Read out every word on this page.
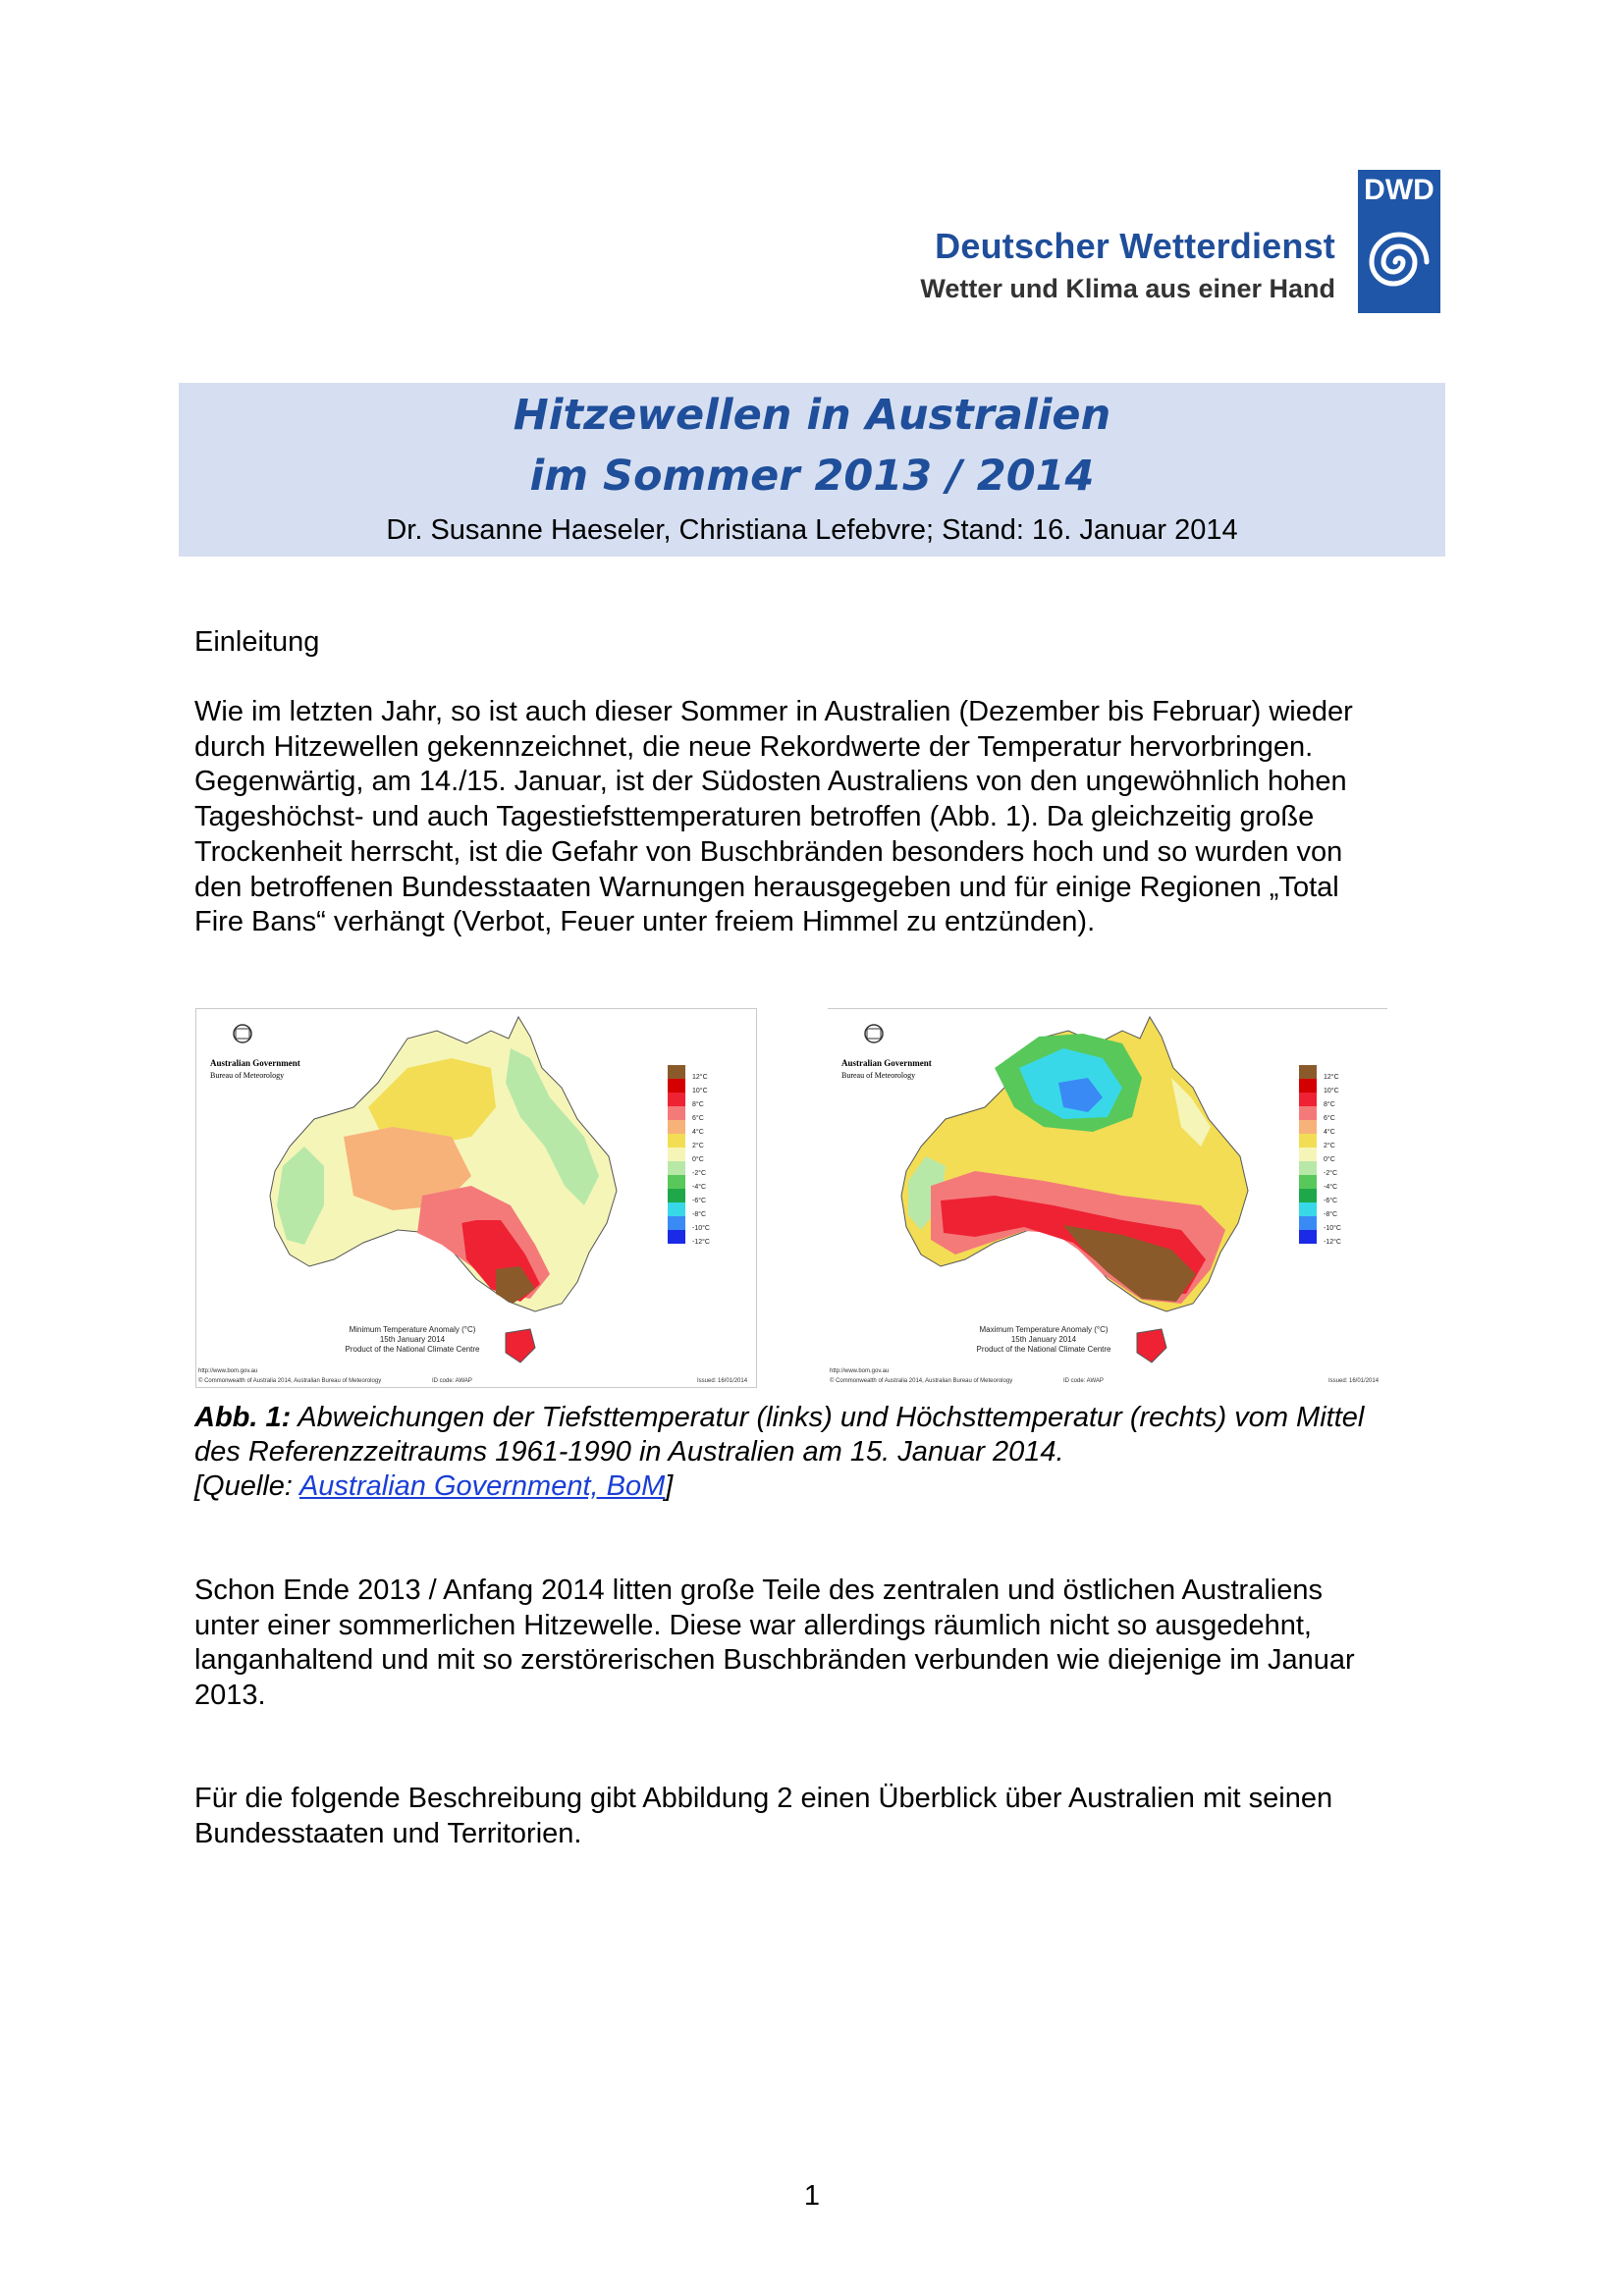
Deutscher Wetterdienst
Wetter und Klima aus einer Hand
DWD
Hitzewellen in Australien
im Sommer 2013 / 2014
Dr. Susanne Haeseler, Christiana Lefebvre; Stand: 16. Januar 2014
Einleitung
Wie im letzten Jahr, so ist auch dieser Sommer in Australien (Dezember bis Februar) wieder
durch Hitzewellen gekennzeichnet, die neue Rekordwerte der Temperatur hervorbringen.
Gegenwärtig, am 14./15. Januar, ist der Südosten Australiens von den ungewöhnlich hohen
Tageshöchst- und auch Tagestiefsttemperaturen betroffen (Abb. 1). Da gleichzeitig große
Trockenheit herrscht, ist die Gefahr von Buschbränden besonders hoch und so wurden von
den betroffenen Bundesstaaten Warnungen herausgegeben und für einige Regionen „Total
Fire Bans“ verhängt (Verbot, Feuer unter freiem Himmel zu entzünden).
Australian Government
Bureau of Meteorology	12°C
10°C
8°C
6°C
4°C
2°C
0°C
-2°C
-4°C
-6°C
-8°C
-10°C
-12°C
Minimum Temperature Anomaly (°C)
15th January 2014
Product of the National Climate Centre
http://www.bom.gov.au
© Commonwealth of Australia 2014, Australian Bureau of Meteorology	ID code: AWAP	Issued: 16/01/2014
Australian Government
Bureau of Meteorology	12°C
10°C
8°C
6°C
4°C
2°C
0°C
-2°C
-4°C
-6°C
-8°C
-10°C
-12°C
Maximum Temperature Anomaly (°C)
15th January 2014
Product of the National Climate Centre
http://www.bom.gov.au
© Commonwealth of Australia 2014, Australian Bureau of Meteorology	ID code: AWAP	Issued: 16/01/2014
Abb. 1: Abweichungen der Tiefsttemperatur (links) und Höchsttemperatur (rechts) vom Mittel
des Referenzzeitraums 1961-1990 in Australien am 15. Januar 2014.
[Quelle: Australian Government, BoM]
Schon Ende 2013 / Anfang 2014 litten große Teile des zentralen und östlichen Australiens
unter einer sommerlichen Hitzewelle. Diese war allerdings räumlich nicht so ausgedehnt,
langanhaltend und mit so zerstörerischen Buschbränden verbunden wie diejenige im Januar
2013.
Für die folgende Beschreibung gibt Abbildung 2 einen Überblick über Australien mit seinen
Bundesstaaten und Territorien.
1
